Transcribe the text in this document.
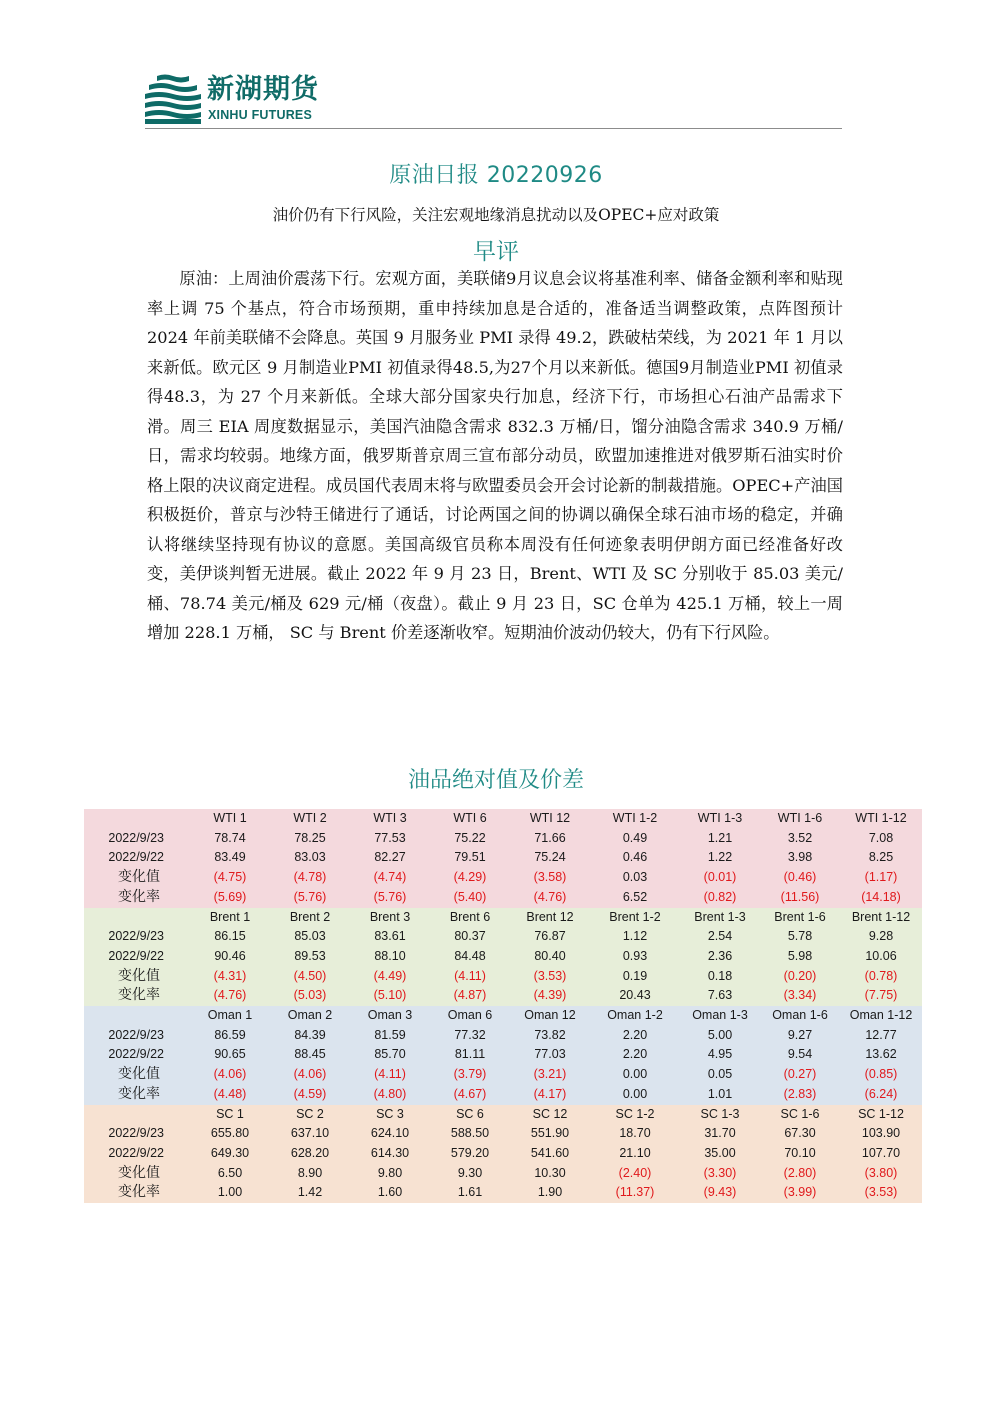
新湖期货
XINHU FUTURES
原油日报 20220926
油价仍有下行风险，关注宏观地缘消息扰动以及OPEC+应对政策
早评

原油：上周油价震荡下行。宏观方面，美联储9月议息会议将基准利率、储备金额利率和贴现率上调 75 个基点，符合市场预期，重申持续加息是合适的，准备适当调整政策，点阵图预计 2024 年前美联储不会降息。英国 9 月服务业 PMI 录得 49.2，跌破枯荣线，为 2021 年 1 月以来新低。欧元区 9 月制造业PMI 初值录得48.5,为27个月以来新低。德国9月制造业PMI 初值录得48.3，为 27 个月来新低。全球大部分国家央行加息，经济下行，市场担心石油产品需求下滑。周三 EIA 周度数据显示，美国汽油隐含需求 832.3 万桶/日，馏分油隐含需求 340.9 万桶/日，需求均较弱。地缘方面，俄罗斯普京周三宣布部分动员，欧盟加速推进对俄罗斯石油实时价格上限的决议商定进程。成员国代表周末将与欧盟委员会开会讨论新的制裁措施。OPEC+产油国积极挺价，普京与沙特王储进行了通话，讨论两国之间的协调以确保全球石油市场的稳定，并确认将继续坚持现有协议的意愿。美国高级官员称本周没有任何迹象表明伊朗方面已经准备好改变，美伊谈判暂无进展。截止 2022 年 9 月 23 日，Brent、WTI 及 SC 分别收于 85.03 美元/桶、78.74 美元/桶及 629 元/桶（夜盘）。截止 9 月 23 日，SC 仓单为 425.1 万桶，较上一周增加 228.1 万桶， SC 与 Brent 价差逐渐收窄。短期油价波动仍较大，仍有下行风险。

油品绝对值及价差
	WTI 1	WTI 2	WTI 3	WTI 6	WTI 12	WTI 1-2	WTI 1-3	WTI 1-6	WTI 1-12
2022/9/23	78.74	78.25	77.53	75.22	71.66	0.49	1.21	3.52	7.08
2022/9/22	83.49	83.03	82.27	79.51	75.24	0.46	1.22	3.98	8.25
变化值	(4.75)	(4.78)	(4.74)	(4.29)	(3.58)	0.03	(0.01)	(0.46)	(1.17)
变化率	(5.69)	(5.76)	(5.76)	(5.40)	(4.76)	6.52	(0.82)	(11.56)	(14.18)
	Brent 1	Brent 2	Brent 3	Brent 6	Brent 12	Brent 1-2	Brent 1-3	Brent 1-6	Brent 1-12
2022/9/23	86.15	85.03	83.61	80.37	76.87	1.12	2.54	5.78	9.28
2022/9/22	90.46	89.53	88.10	84.48	80.40	0.93	2.36	5.98	10.06
变化值	(4.31)	(4.50)	(4.49)	(4.11)	(3.53)	0.19	0.18	(0.20)	(0.78)
变化率	(4.76)	(5.03)	(5.10)	(4.87)	(4.39)	20.43	7.63	(3.34)	(7.75)
	Oman 1	Oman 2	Oman 3	Oman 6	Oman 12	Oman 1-2	Oman 1-3	Oman 1-6	Oman 1-12
2022/9/23	86.59	84.39	81.59	77.32	73.82	2.20	5.00	9.27	12.77
2022/9/22	90.65	88.45	85.70	81.11	77.03	2.20	4.95	9.54	13.62
变化值	(4.06)	(4.06)	(4.11)	(3.79)	(3.21)	0.00	0.05	(0.27)	(0.85)
变化率	(4.48)	(4.59)	(4.80)	(4.67)	(4.17)	0.00	1.01	(2.83)	(6.24)
	SC 1	SC 2	SC 3	SC 6	SC 12	SC 1-2	SC 1-3	SC 1-6	SC 1-12
2022/9/23	655.80	637.10	624.10	588.50	551.90	18.70	31.70	67.30	103.90
2022/9/22	649.30	628.20	614.30	579.20	541.60	21.10	35.00	70.10	107.70
变化值	6.50	8.90	9.80	9.30	10.30	(2.40)	(3.30)	(2.80)	(3.80)
变化率	1.00	1.42	1.60	1.61	1.90	(11.37)	(9.43)	(3.99)	(3.53)
